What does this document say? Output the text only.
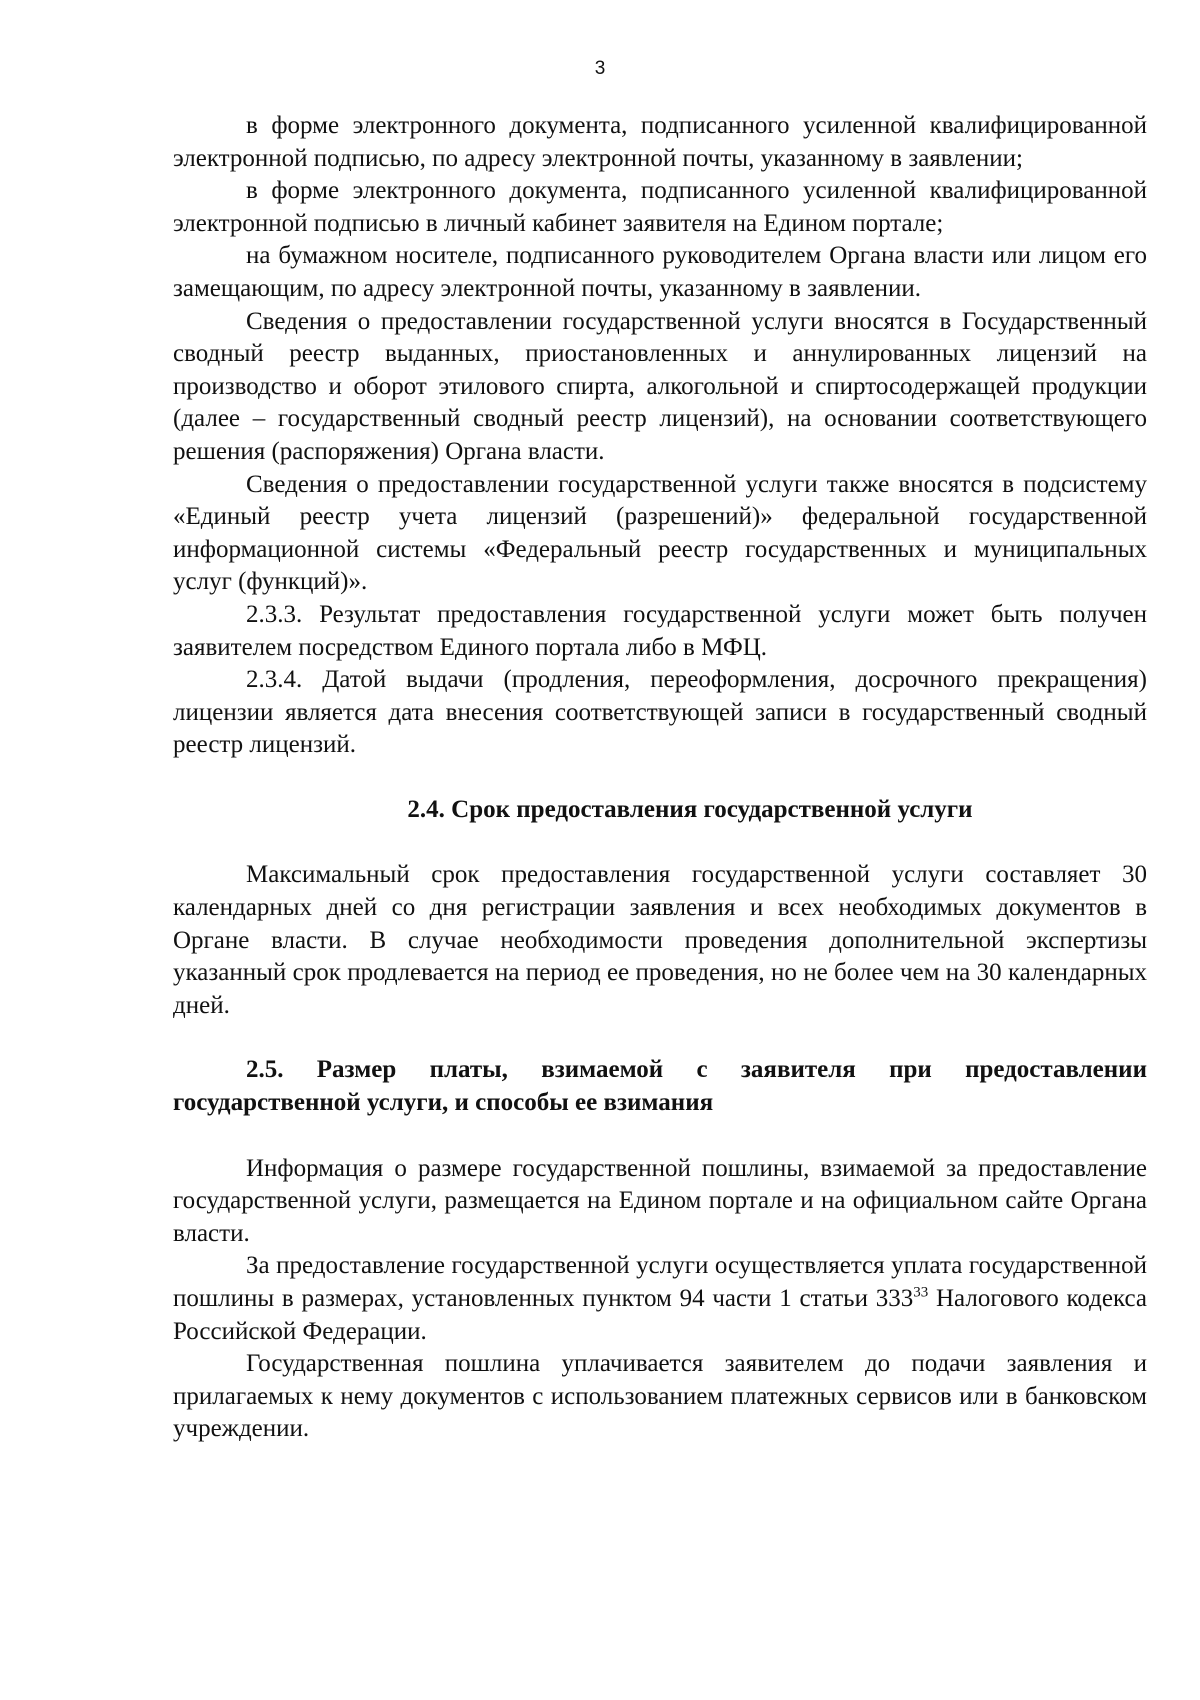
3

в форме электронного документа, подписанного усиленной квалифицированной электронной подписью, по адресу электронной почты, указанному в заявлении;

в форме электронного документа, подписанного усиленной квалифицированной электронной подписью в личный кабинет заявителя на Едином портале;

на бумажном носителе, подписанного руководителем Органа власти или лицом его замещающим, по адресу электронной почты, указанному в заявлении.

Сведения о предоставлении государственной услуги вносятся в Государственный сводный реестр выданных, приостановленных и аннулированных лицензий на производство и оборот этилового спирта, алкогольной и спиртосодержащей продукции (далее – государственный сводный реестр лицензий), на основании соответствующего решения (распоряжения) Органа власти.

Сведения о предоставлении государственной услуги также вносятся в подсистему «Единый реестр учета лицензий (разрешений)» федеральной государственной информационной системы «Федеральный реестр государственных и муниципальных услуг (функций)».

2.3.3. Результат предоставления государственной услуги может быть получен заявителем посредством Единого портала либо в МФЦ.

2.3.4. Датой выдачи (продления, переоформления, досрочного прекращения) лицензии является дата внесения соответствующей записи в государственный сводный реестр лицензий.

2.4. Срок предоставления государственной услуги

Максимальный срок предоставления государственной услуги составляет 30 календарных дней со дня регистрации заявления и всех необходимых документов в Органе власти. В случае необходимости проведения дополнительной экспертизы указанный срок продлевается на период ее проведения, но не более чем на 30 календарных дней.

2.5. Размер платы, взимаемой с заявителя при предоставлении государственной услуги, и способы ее взимания

Информация о размере государственной пошлины, взимаемой за предоставление государственной услуги, размещается на Едином портале и на официальном сайте Органа власти.

За предоставление государственной услуги осуществляется уплата государственной пошлины в размерах, установленных пунктом 94 части 1 статьи $333^{33}$ Налогового кодекса Российской Федерации.

Государственная пошлина уплачивается заявителем до подачи заявления и прилагаемых к нему документов с использованием платежных сервисов или в банковском учреждении.
